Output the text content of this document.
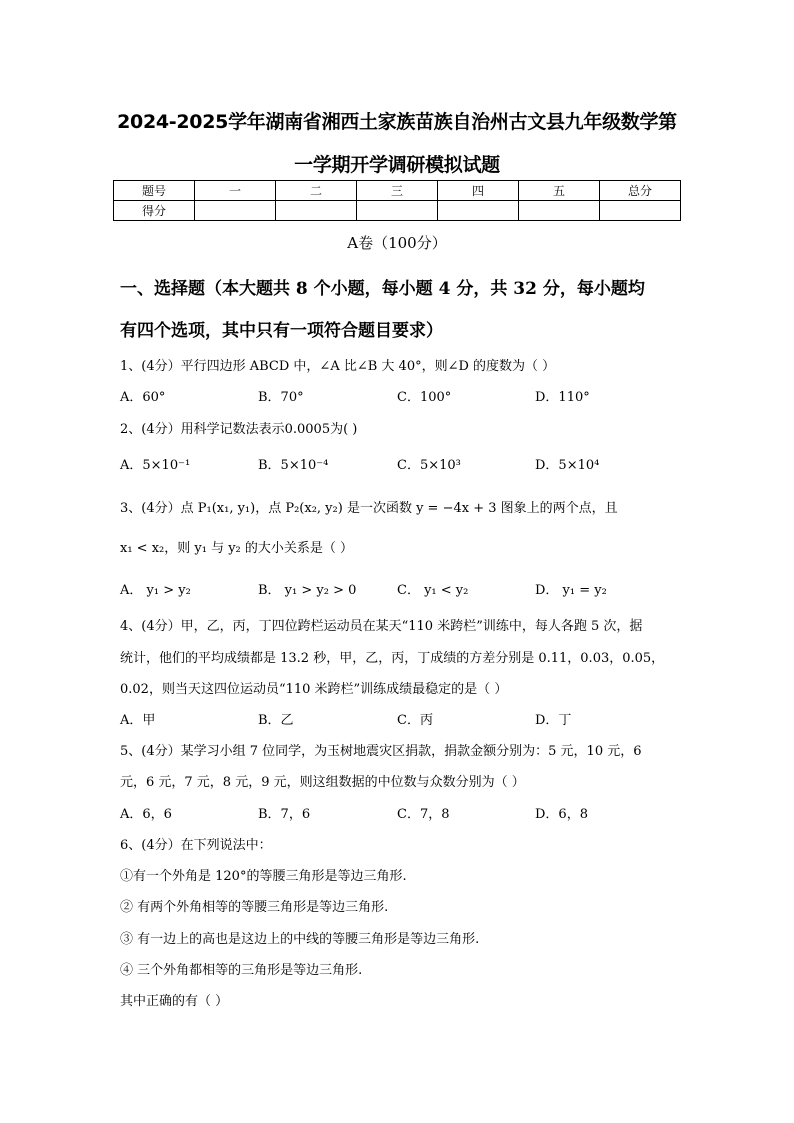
2024-2025学年湖南省湘西土家族苗族自治州古文县九年级数学第
一学期开学调研模拟试题
题号	一	二	三	四	五	总分
得分						
A卷（100分）
一、选择题（本大题共 8 个小题，每小题 4 分，共 32 分，每小题均
有四个选项，其中只有一项符合题目要求）
1、(4分）平行四边形 ABCD 中，∠A 比∠B 大 40°，则∠D 的度数为（ ）
A．60°	B．70°	C．100°	D．110°
2、(4分）用科学记数法表示0.0005为( )
A．5×10⁻¹	B．5×10⁻⁴	C．5×10³	D．5×10⁴
3、(4分）点 P₁(x₁, y₁)，点 P₂(x₂, y₂) 是一次函数 y = −4x + 3 图象上的两个点，且
x₁ < x₂，则 y₁ 与 y₂ 的大小关系是（ ）
A． y₁ > y₂	B． y₁ > y₂ > 0	C． y₁ < y₂	D． y₁ = y₂
4、(4分）甲，乙，丙，丁四位跨栏运动员在某天“110 米跨栏”训练中，每人各跑 5 次，据
统计，他们的平均成绩都是 13.2 秒，甲，乙，丙，丁成绩的方差分别是 0.11，0.03，0.05，
0.02，则当天这四位运动员“110 米跨栏”训练成绩最稳定的是（ ）
A．甲	B．乙	C．丙	D．丁
5、(4分）某学习小组 7 位同学，为玉树地震灾区捐款，捐款金额分别为：5 元，10 元，6
元，6 元，7 元，8 元，9 元，则这组数据的中位数与众数分别为（ ）
A．6，6	B．7，6	C．7，8	D．6，8
6、(4分）在下列说法中：
①有一个外角是 120°的等腰三角形是等边三角形.
② 有两个外角相等的等腰三角形是等边三角形.
③ 有一边上的高也是这边上的中线的等腰三角形是等边三角形.
④ 三个外角都相等的三角形是等边三角形.
其中正确的有（ ）
